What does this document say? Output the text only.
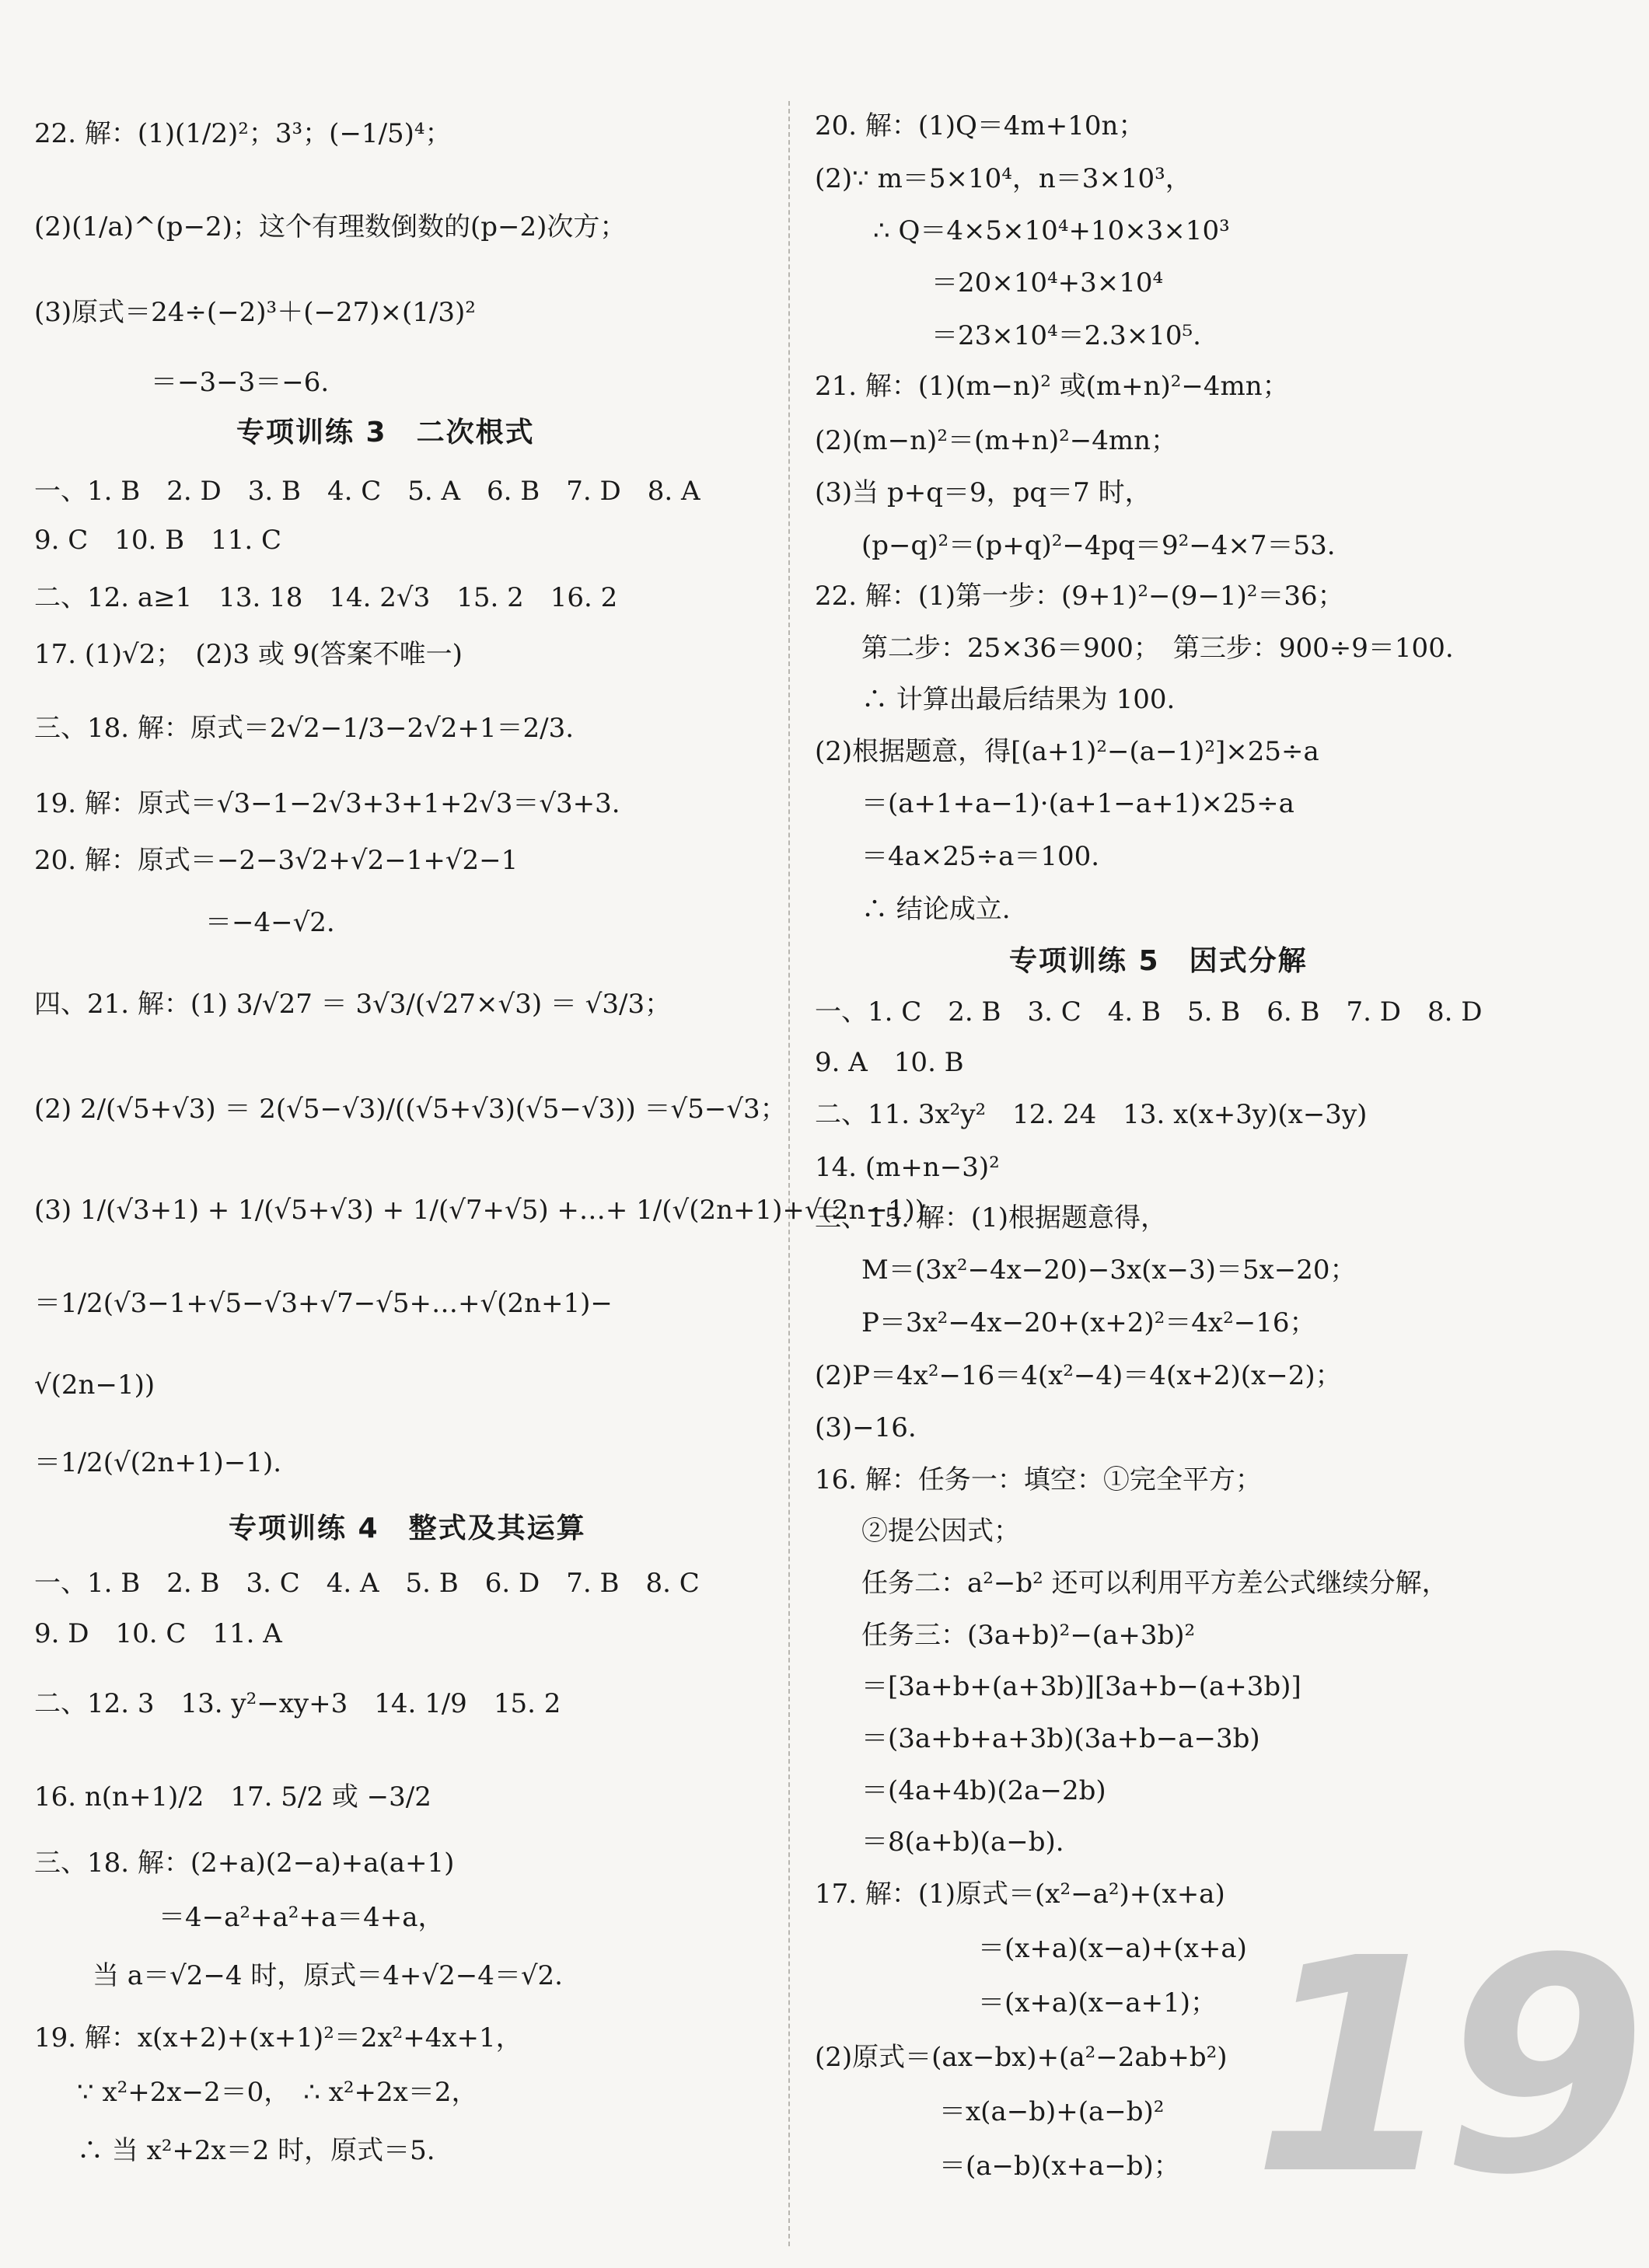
22. 解：(1)(1/2)²；3³；(−1/5)⁴；
(2)(1/a)^(p−2)；这个有理数倒数的(p−2)次方；
(3)原式＝24÷(−2)³＋(−27)×(1/3)²
＝−3−3＝−6.
专项训练 3　二次根式
一、1. B　2. D　3. B　4. C　5. A　6. B　7. D　8. A
9. C　10. B　11. C
二、12. a≥1　13. 18　14. 2√3　15. 2　16. 2
17. (1)√2；　(2)3 或 9(答案不唯一)
三、18. 解：原式＝2√2−1/3−2√2+1＝2/3.
19. 解：原式＝√3−1−2√3+3+1+2√3＝√3+3.
20. 解：原式＝−2−3√2+√2−1+√2−1
＝−4−√2.
四、21. 解：(1) 3/√27 ＝ 3√3/(√27×√3) ＝ √3/3；
(2) 2/(√5+√3) ＝ 2(√5−√3)/((√5+√3)(√5−√3)) ＝√5−√3；
(3) 1/(√3+1) + 1/(√5+√3) + 1/(√7+√5) +…+ 1/(√(2n+1)+√(2n−1))
＝1/2(√3−1+√5−√3+√7−√5+…+√(2n+1)−
√(2n−1))
＝1/2(√(2n+1)−1).
专项训练 4　整式及其运算
一、1. B　2. B　3. C　4. A　5. B　6. D　7. B　8. C
9. D　10. C　11. A
二、12. 3　13. y²−xy+3　14. 1/9　15. 2
16. n(n+1)/2　17. 5/2 或 −3/2
三、18. 解：(2+a)(2−a)+a(a+1)
＝4−a²+a²+a＝4+a，
当 a＝√2−4 时，原式＝4+√2−4＝√2.
19. 解：x(x+2)+(x+1)²＝2x²+4x+1，
∵ x²+2x−2＝0，　∴ x²+2x＝2，
∴ 当 x²+2x＝2 时，原式＝5.
20. 解：(1)Q＝4m+10n；
(2)∵ m＝5×10⁴，n＝3×10³，
∴ Q＝4×5×10⁴+10×3×10³
＝20×10⁴+3×10⁴
＝23×10⁴＝2.3×10⁵.
21. 解：(1)(m−n)² 或(m+n)²−4mn；
(2)(m−n)²＝(m+n)²−4mn；
(3)当 p+q＝9，pq＝7 时，
(p−q)²＝(p+q)²−4pq＝9²−4×7＝53.
22. 解：(1)第一步：(9+1)²−(9−1)²＝36；
第二步：25×36＝900；　第三步：900÷9＝100.
∴ 计算出最后结果为 100.
(2)根据题意，得[(a+1)²−(a−1)²]×25÷a
＝(a+1+a−1)·(a+1−a+1)×25÷a
＝4a×25÷a＝100.
∴ 结论成立.
专项训练 5　因式分解
一、1. C　2. B　3. C　4. B　5. B　6. B　7. D　8. D
9. A　10. B
二、11. 3x²y²　12. 24　13. x(x+3y)(x−3y)
14. (m+n−3)²
三、15. 解：(1)根据题意得，
M＝(3x²−4x−20)−3x(x−3)＝5x−20；
P＝3x²−4x−20+(x+2)²＝4x²−16；
(2)P＝4x²−16＝4(x²−4)＝4(x+2)(x−2)；
(3)−16.
16. 解：任务一：填空：①完全平方；
②提公因式；
任务二：a²−b² 还可以利用平方差公式继续分解，
任务三：(3a+b)²−(a+3b)²
＝[3a+b+(a+3b)][3a+b−(a+3b)]
＝(3a+b+a+3b)(3a+b−a−3b)
＝(4a+4b)(2a−2b)
＝8(a+b)(a−b).
17. 解：(1)原式＝(x²−a²)+(x+a)
＝(x+a)(x−a)+(x+a)
＝(x+a)(x−a+1)；
(2)原式＝(ax−bx)+(a²−2ab+b²)
＝x(a−b)+(a−b)²
＝(a−b)(x+a−b)； 19
